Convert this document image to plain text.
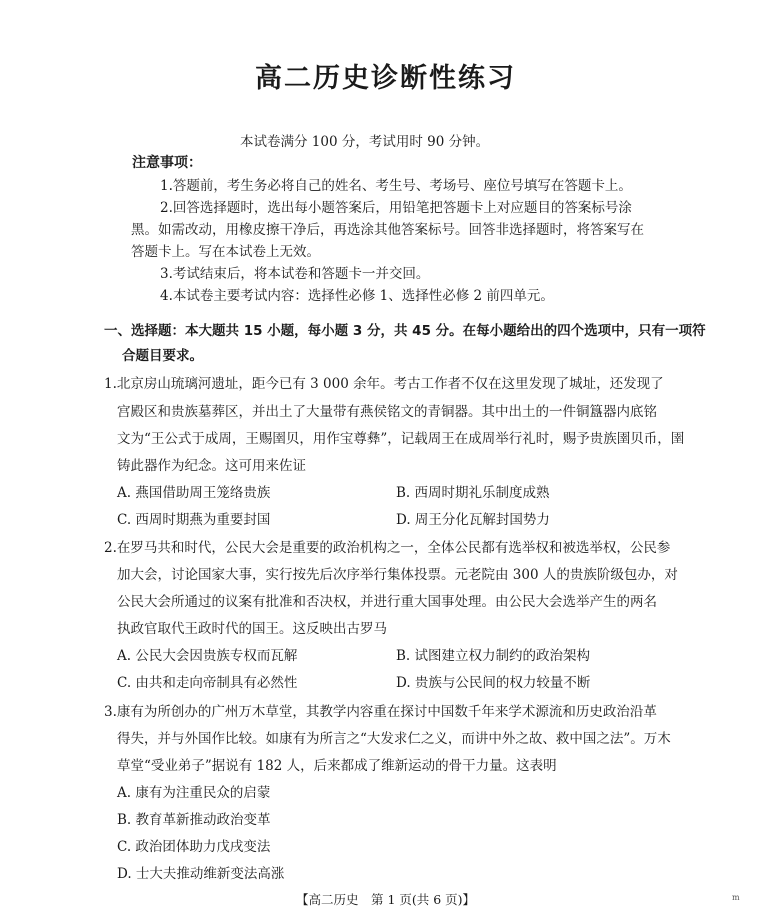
高二历史诊断性练习
本试卷满分 100 分，考试用时 90 分钟。
注意事项：
1.答题前，考生务必将自己的姓名、考生号、考场号、座位号填写在答题卡上。
2.回答选择题时，选出每小题答案后，用铅笔把答题卡上对应题目的答案标号涂
黑。如需改动，用橡皮擦干净后，再选涂其他答案标号。回答非选择题时，将答案写在
答题卡上。写在本试卷上无效。
3.考试结束后，将本试卷和答题卡一并交回。
4.本试卷主要考试内容：选择性必修 1、选择性必修 2 前四单元。
一、选择题：本大题共 15 小题，每小题 3 分，共 45 分。在每小题给出的四个选项中，只有一项符
合题目要求。
1.北京房山琉璃河遗址，距今已有 3 000 余年。考古工作者不仅在这里发现了城址，还发现了
宫殿区和贵族墓葬区，并出土了大量带有燕侯铭文的青铜器。其中出土的一件铜簋器内底铭
文为“王公式于成周，王赐圉贝，用作宝尊彝”，记载周王在成周举行礼时，赐予贵族圉贝币，圉
铸此器作为纪念。这可用来佐证
A. 燕国借助周王笼络贵族	B. 西周时期礼乐制度成熟
C. 西周时期燕为重要封国	D. 周王分化瓦解封国势力
2.在罗马共和时代，公民大会是重要的政治机构之一，全体公民都有选举权和被选举权，公民参
加大会，讨论国家大事，实行按先后次序举行集体投票。元老院由 300 人的贵族阶级包办，对
公民大会所通过的议案有批准和否决权，并进行重大国事处理。由公民大会选举产生的两名
执政官取代王政时代的国王。这反映出古罗马
A. 公民大会因贵族专权而瓦解	B. 试图建立权力制约的政治架构
C. 由共和走向帝制具有必然性	D. 贵族与公民间的权力较量不断
3.康有为所创办的广州万木草堂，其教学内容重在探讨中国数千年来学术源流和历史政治沿革
得失，并与外国作比较。如康有为所言之“大发求仁之义，而讲中外之故、救中国之法”。万木
草堂“受业弟子”据说有 182 人，后来都成了维新运动的骨干力量。这表明
A. 康有为注重民众的启蒙
B. 教育革新推动政治变革
C. 政治团体助力戊戌变法
D. 士大夫推动维新变法高涨
【高二历史　第 1 页(共 6 页)】	m
